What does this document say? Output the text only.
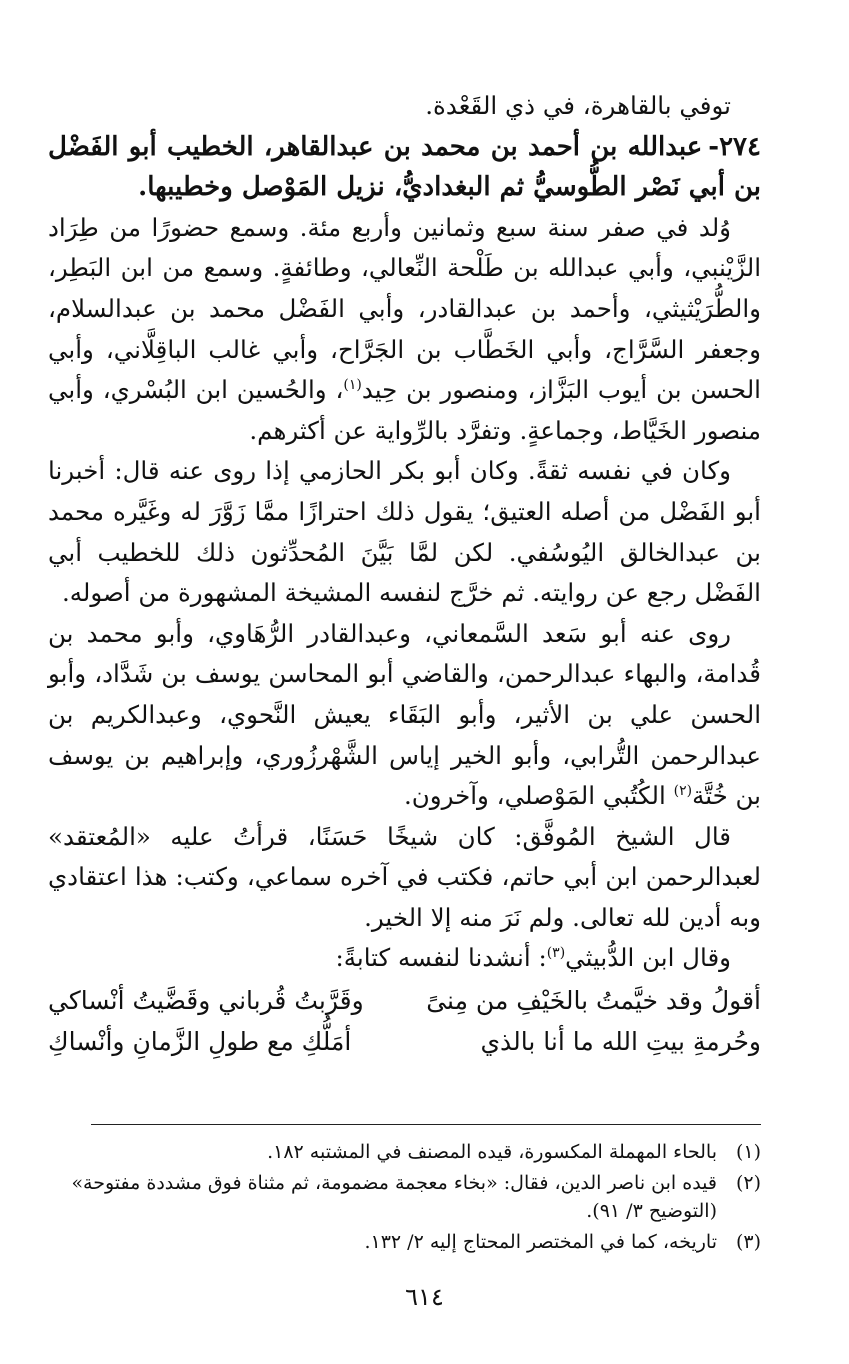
توفي بالقاهرة، في ذي القَعْدة.

٢٧٤-عبدالله بن أحمد بن محمد بن عبدالقاهر، الخطيب أبو الفَضْل بن أبي نَصْر الطُّوسيُّ ثم البغداديُّ، نزيل المَوْصل وخطيبها.

وُلد في صفر سنة سبع وثمانين وأربع مئة. وسمع حضورًا من طِرَاد الزَّيْنبي، وأبي عبدالله بن طَلْحة النِّعالي، وطائفةٍ. وسمع من ابن البَطِر، والطُّرَيْثيثي، وأحمد بن عبدالقادر، وأبي الفَضْل محمد بن عبدالسلام، وجعفر السَّرَّاج، وأبي الخَطَّاب بن الجَرَّاح، وأبي غالب الباقِلَّاني، وأبي الحسن بن أيوب البَزَّاز، ومنصور بن حِيد$^{(١)}$، والحُسين ابن البُسْري، وأبي منصور الخَيَّاط، وجماعةٍ. وتفرَّد بالرِّواية عن أكثرهم.

وكان في نفسه ثقةً. وكان أبو بكر الحازمي إذا روى عنه قال: أخبرنا أبو الفَضْل من أصله العتيق؛ يقول ذلك احترازًا ممَّا زَوَّرَ له وغَيَّره محمد بن عبدالخالق اليُوسُفي. لكن لمَّا بَيَّنَ المُحدِّثون ذلك للخطيب أبي الفَضْل رجع عن روايته. ثم خرَّج لنفسه المشيخة المشهورة من أصوله.

روى عنه أبو سَعد السَّمعاني، وعبدالقادر الرُّهَاوي، وأبو محمد بن قُدامة، والبهاء عبدالرحمن، والقاضي أبو المحاسن يوسف بن شَدَّاد، وأبو الحسن علي بن الأثير، وأبو البَقَاء يعيش النَّحوي، وعبدالكريم بن عبدالرحمن التُّرابي، وأبو الخير إياس الشَّهْرزُوري، وإبراهيم بن يوسف بن خُتَّة$^{(٢)}$ الكُتُبي المَوْصلي، وآخرون.

قال الشيخ المُوفَّق: كان شيخًا حَسَنًا، قرأتُ عليه «المُعتقد» لعبدالرحمن ابن أبي حاتم، فكتب في آخره سماعي، وكتب: هذا اعتقادي وبه أدين لله تعالى. ولم نَرَ منه إلا الخير.

وقال ابن الدُّبيثي$^{(٣)}$: أنشدنا لنفسه كتابةً:

أقولُ وقد خيَّمتُ بالخَيْفِ من مِنىً
وقَرَّبتُ قُرباني وقَضَّيتُ أنْساكي
وحُرمةِ بيتِ الله ما أنا بالذي
أمَلُّكِ مع طولِ الزَّمانِ وأنْساكِ
(١)
بالحاء المهملة المكسورة، قيده المصنف في المشتبه ١٨٢.
(٢)
قيده ابن ناصر الدين، فقال: «بخاء معجمة مضمومة، ثم مثناة فوق مشددة مفتوحة» (التوضيح ٣/ ٩١).
(٣)
تاريخه، كما في المختصر المحتاج إليه ٢/ ١٣٢.
٦١٤
